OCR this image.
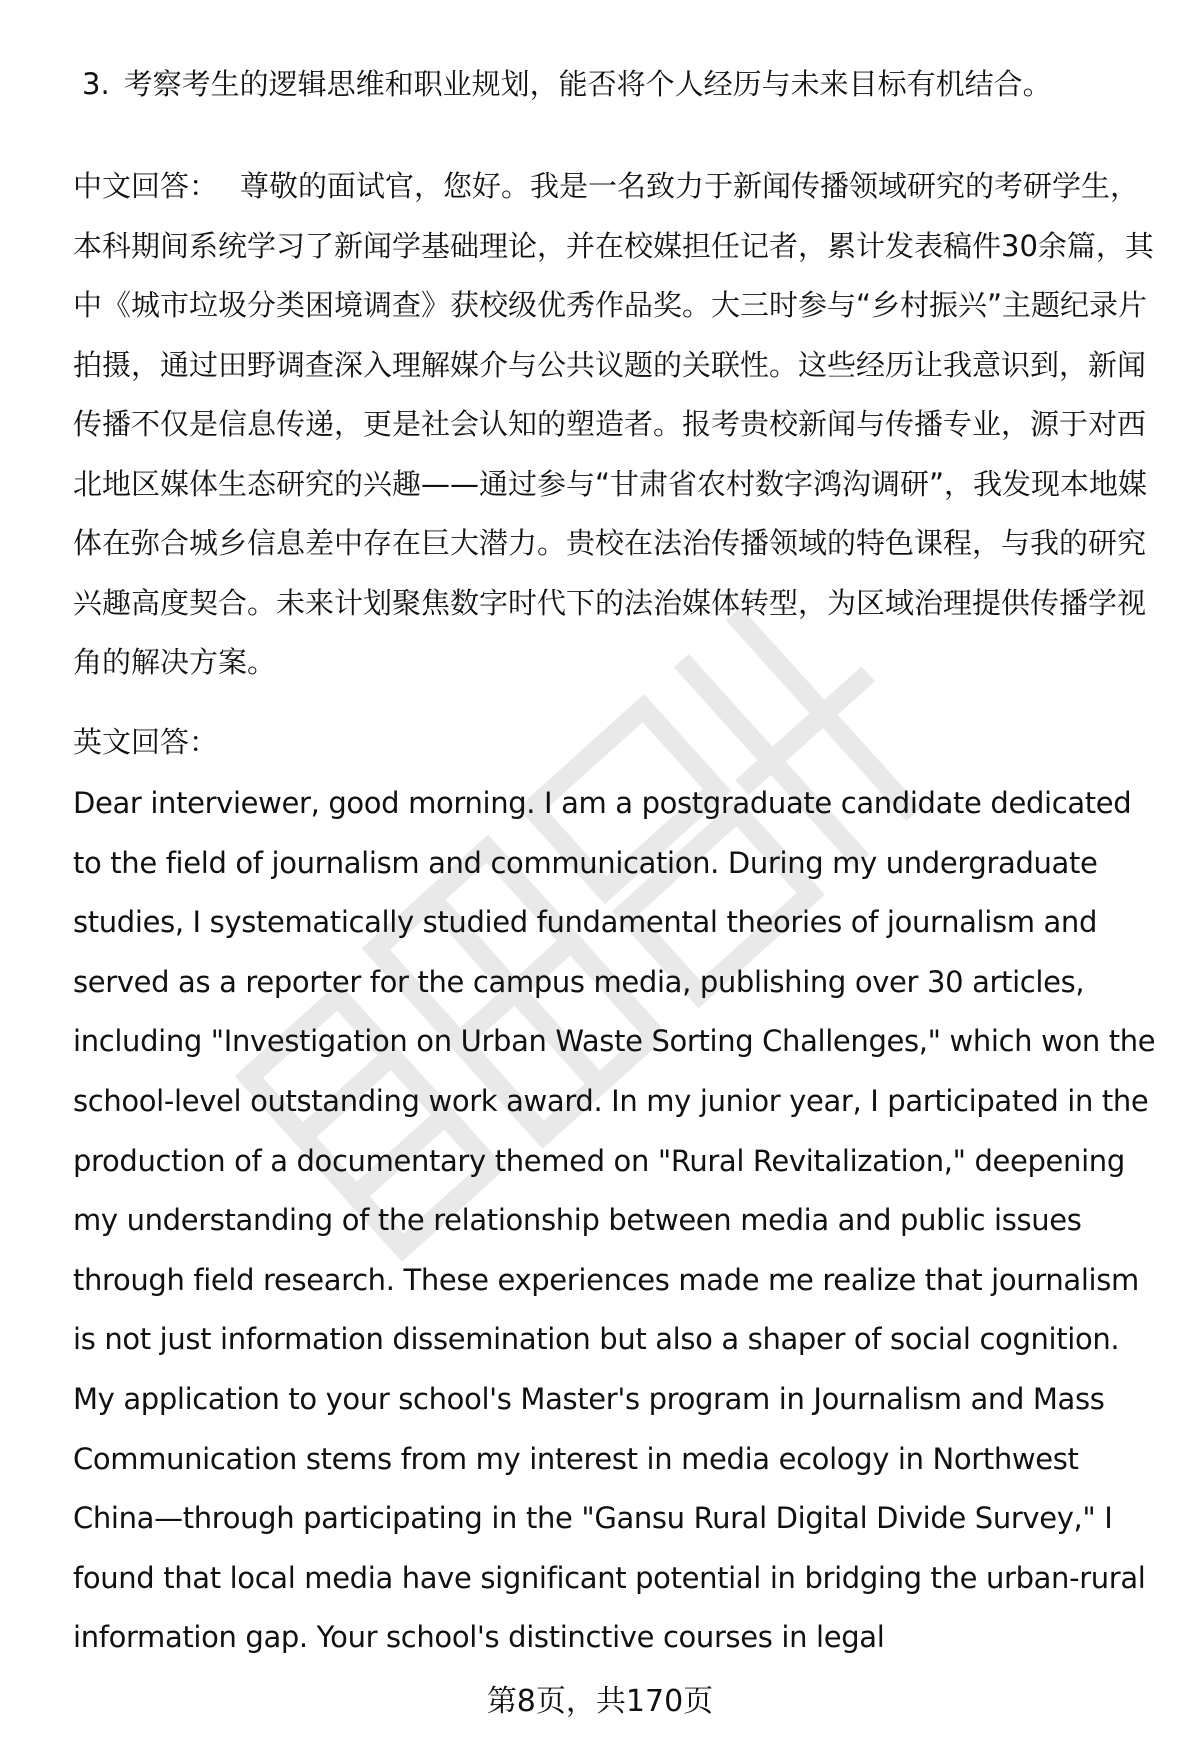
3. 考察考生的逻辑思维和职业规划，能否将个人经历与未来目标有机结合。
中文回答： 尊敬的面试官，您好。我是一名致力于新闻传播领域研究的考研学生，本科期间系统学习了新闻学基础理论，并在校媒担任记者，累计发表稿件30余篇，其中《城市垃圾分类困境调查》获校级优秀作品奖。大三时参与“乡村振兴”主题纪录片拍摄，通过田野调查深入理解媒介与公共议题的关联性。这些经历让我意识到，新闻传播不仅是信息传递，更是社会认知的塑造者。报考贵校新闻与传播专业，源于对西北地区媒体生态研究的兴趣——通过参与“甘肃省农村数字鸿沟调研”，我发现本地媒体在弥合城乡信息差中存在巨大潜力。贵校在法治传播领域的特色课程，与我的研究兴趣高度契合。未来计划聚焦数字时代下的法治媒体转型，为区域治理提供传播学视角的解决方案。
英文回答：
Dear interviewer, good morning. I am a postgraduate candidate dedicated to the field of journalism and communication. During my undergraduate studies, I systematically studied fundamental theories of journalism and served as a reporter for the campus media, publishing over 30 articles, including "Investigation on Urban Waste Sorting Challenges," which won the school-level outstanding work award. In my junior year, I participated in the production of a documentary themed on "Rural Revitalization," deepening my understanding of the relationship between media and public issues through field research. These experiences made me realize that journalism is not just information dissemination but also a shaper of social cognition. My application to your school's Master's program in Journalism and Mass Communication stems from my interest in media ecology in Northwest China—through participating in the "Gansu Rural Digital Divide Survey," I found that local media have significant potential in bridging the urban-rural information gap. Your school's distinctive courses in legal
第8页，共170页
